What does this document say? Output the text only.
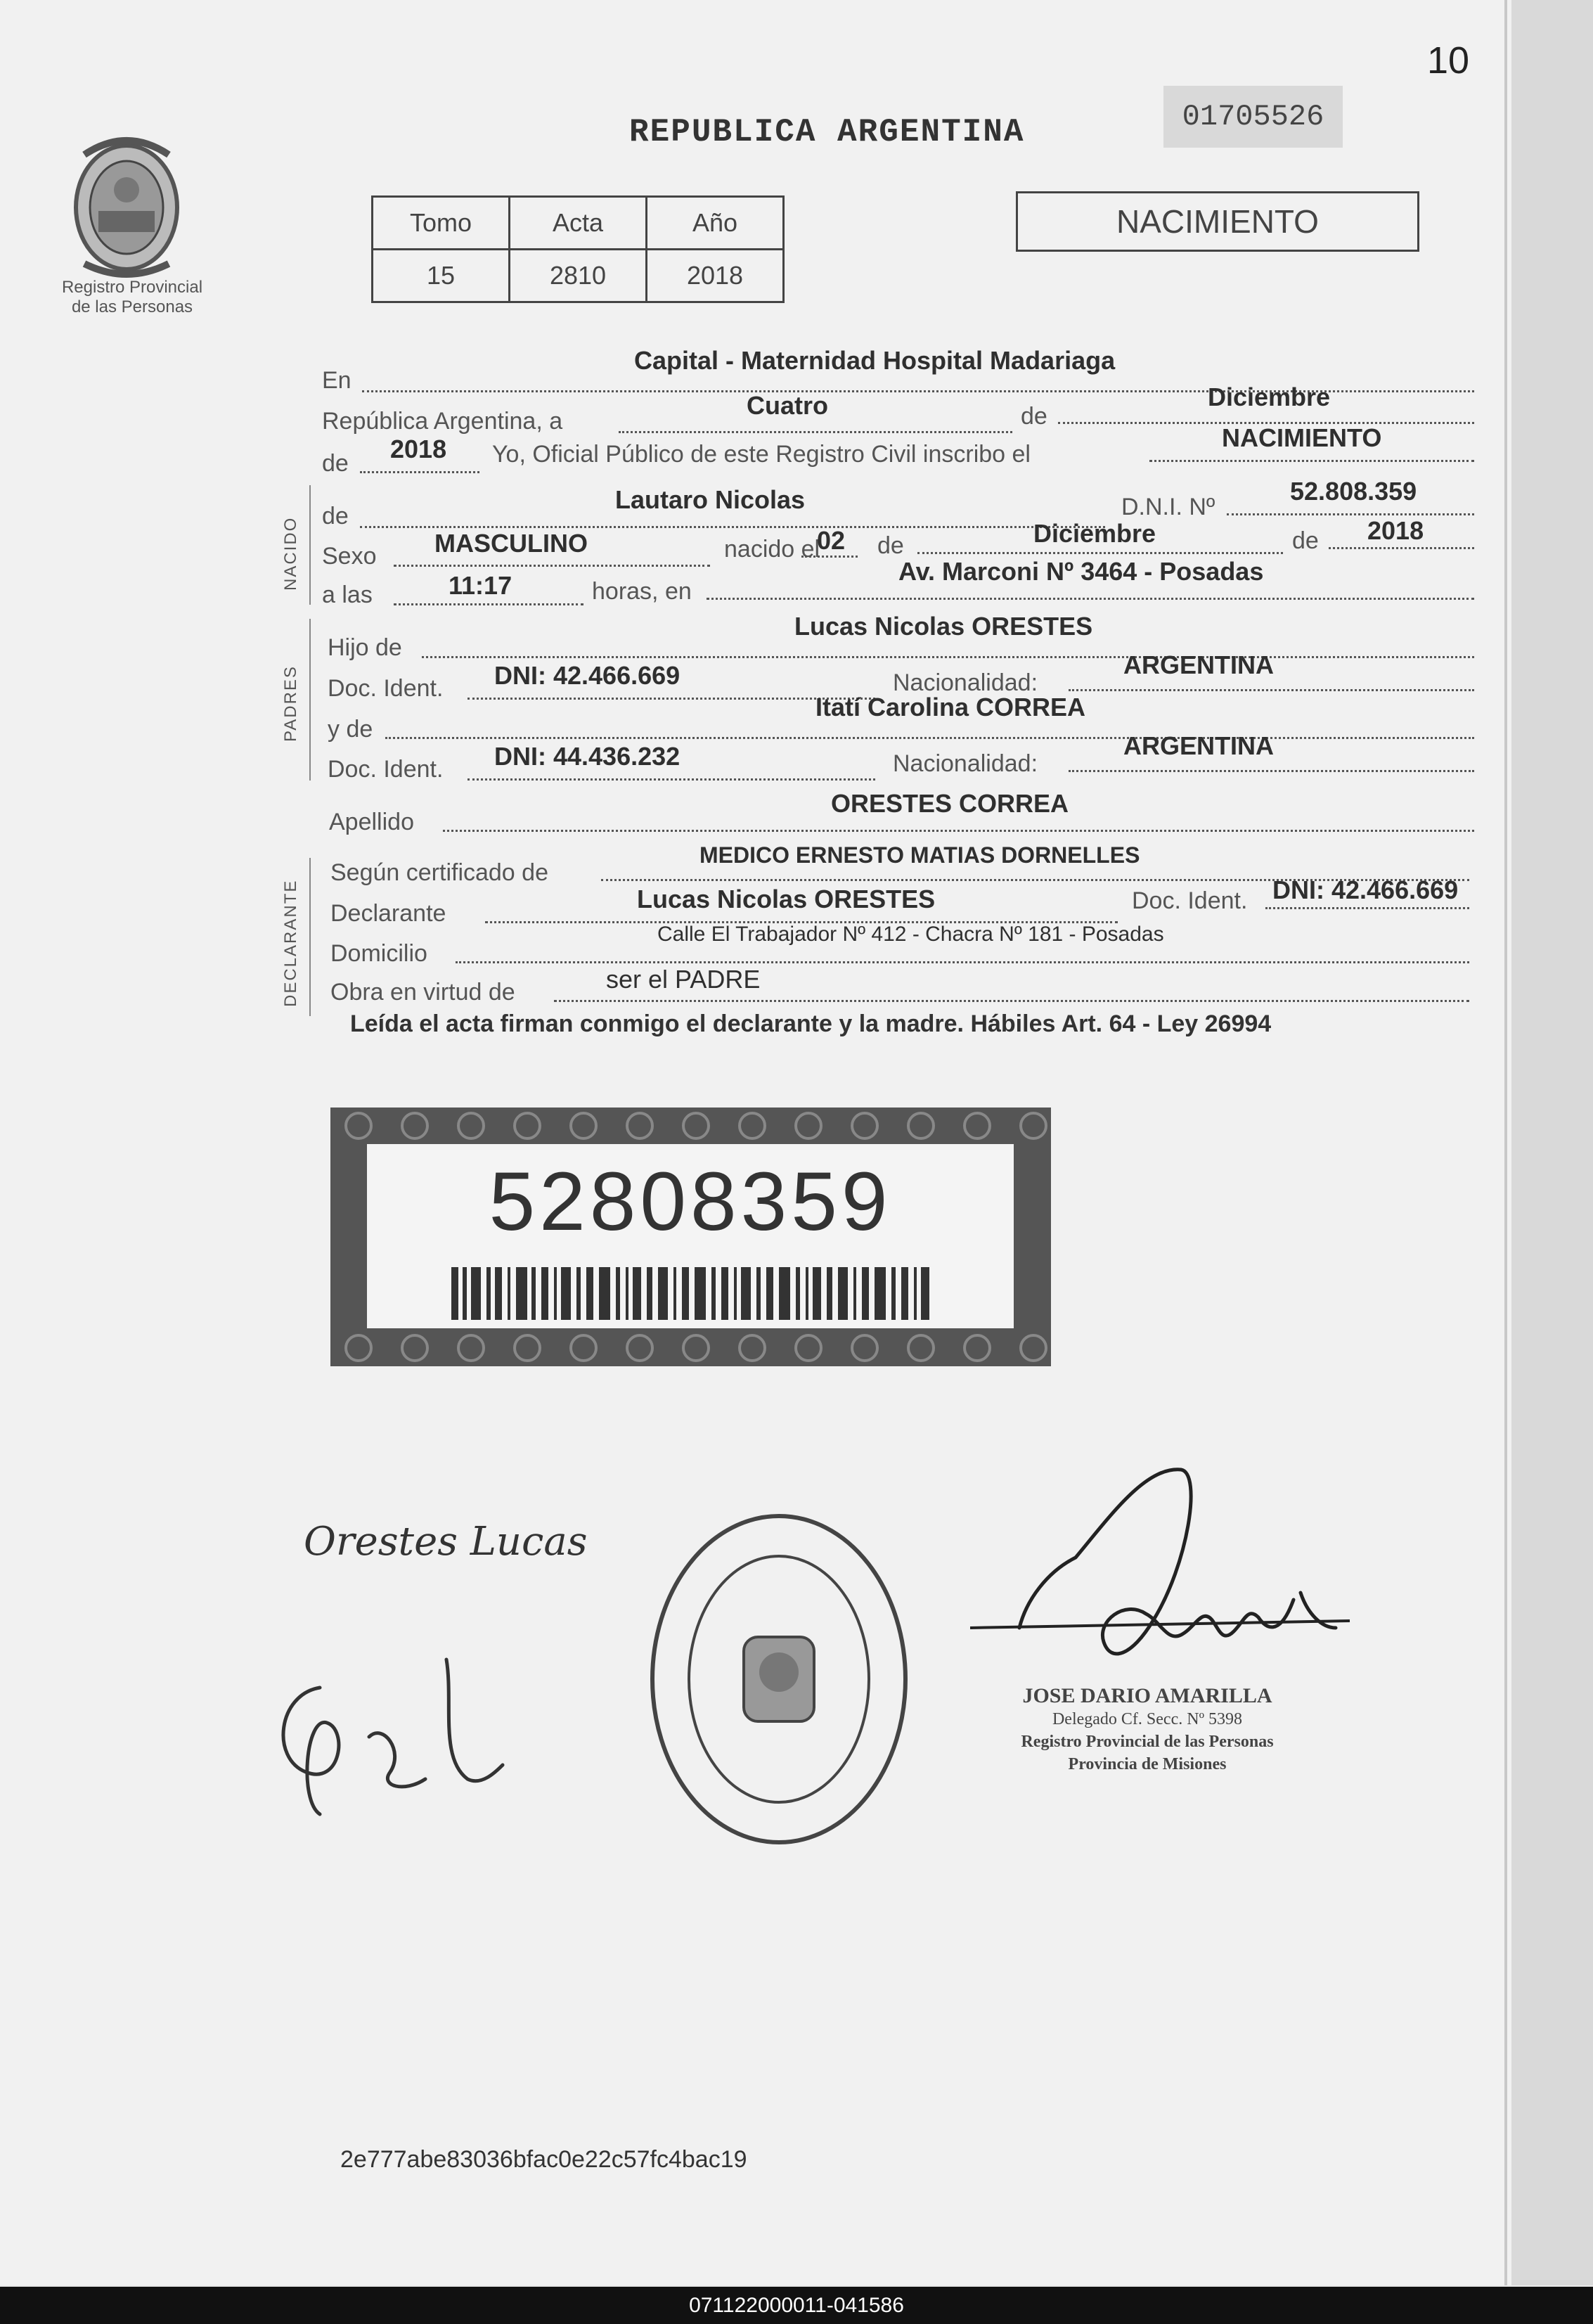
10
REPUBLICA ARGENTINA	01705526
Registro Provincial
de las Personas
Tomo	Acta	Año
15	2810	2018
NACIMIENTO
En
Capital - Maternidad Hospital Madariaga
República Argentina, a
Cuatro	de
Diciembre
de 2018 Yo, Oficial Público de este Registro Civil inscribo el
NACIMIENTO
NACIDO
de
Lautaro Nicolas	D.N.I. Nº
52.808.359
Sexo MASCULINO	nacido el
02 de	Diciembre	de 2018
a las	11:17	horas, en
Av. Marconi Nº 3464 - Posadas
PADRES
Hijo de
Lucas Nicolas ORESTES
Doc. Ident. DNI: 42.466.669	Nacionalidad:
ARGENTINA
y de
Itatí Carolina CORREA
Doc. Ident. DNI: 44.436.232	Nacionalidad:
ARGENTINA
Apellido
ORESTES CORREA
DECLARANTE
Según certificado de
MEDICO ERNESTO MATIAS DORNELLES
Declarante	Lucas Nicolas ORESTES	Doc. Ident. DNI: 42.466.669
Domicilio
Calle El Trabajador Nº 412 - Chacra Nº 181 - Posadas
Obra en virtud de	ser el PADRE
Leída el acta firman conmigo el declarante y la madre. Hábiles Art. 64 - Ley 26994
52808359
Orestes Lucas
JOSE DARIO AMARILLA
Delegado Cf. Secc. Nº 5398
Registro Provincial de las Personas
Provincia de Misiones
2e777abe83036bfac0e22c57fc4bac19
071122000011-041586
